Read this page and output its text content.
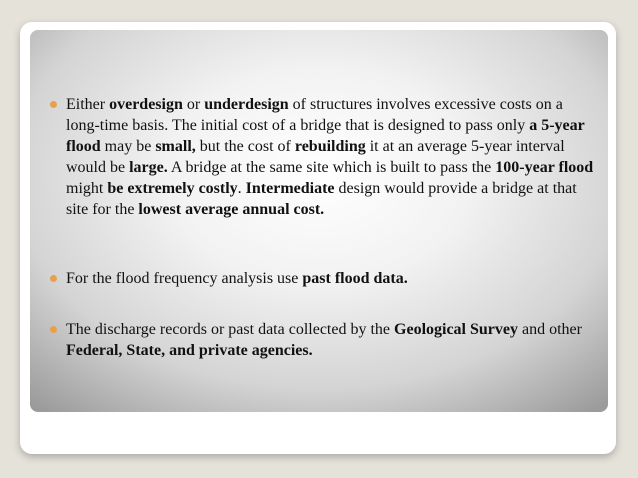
Either overdesign or underdesign of structures involves excessive costs on a long-time basis. The initial cost of a bridge that is designed to pass only a 5-year flood may be small, but the cost of rebuilding it at an average 5-year interval would be large. A bridge at the same site which is built to pass the 100-year flood might be extremely costly. Intermediate design would provide a bridge at that site for the lowest average annual cost.
For the flood frequency analysis use past flood data.
The discharge records or past data collected by the Geological Survey and other Federal, State, and private agencies.
